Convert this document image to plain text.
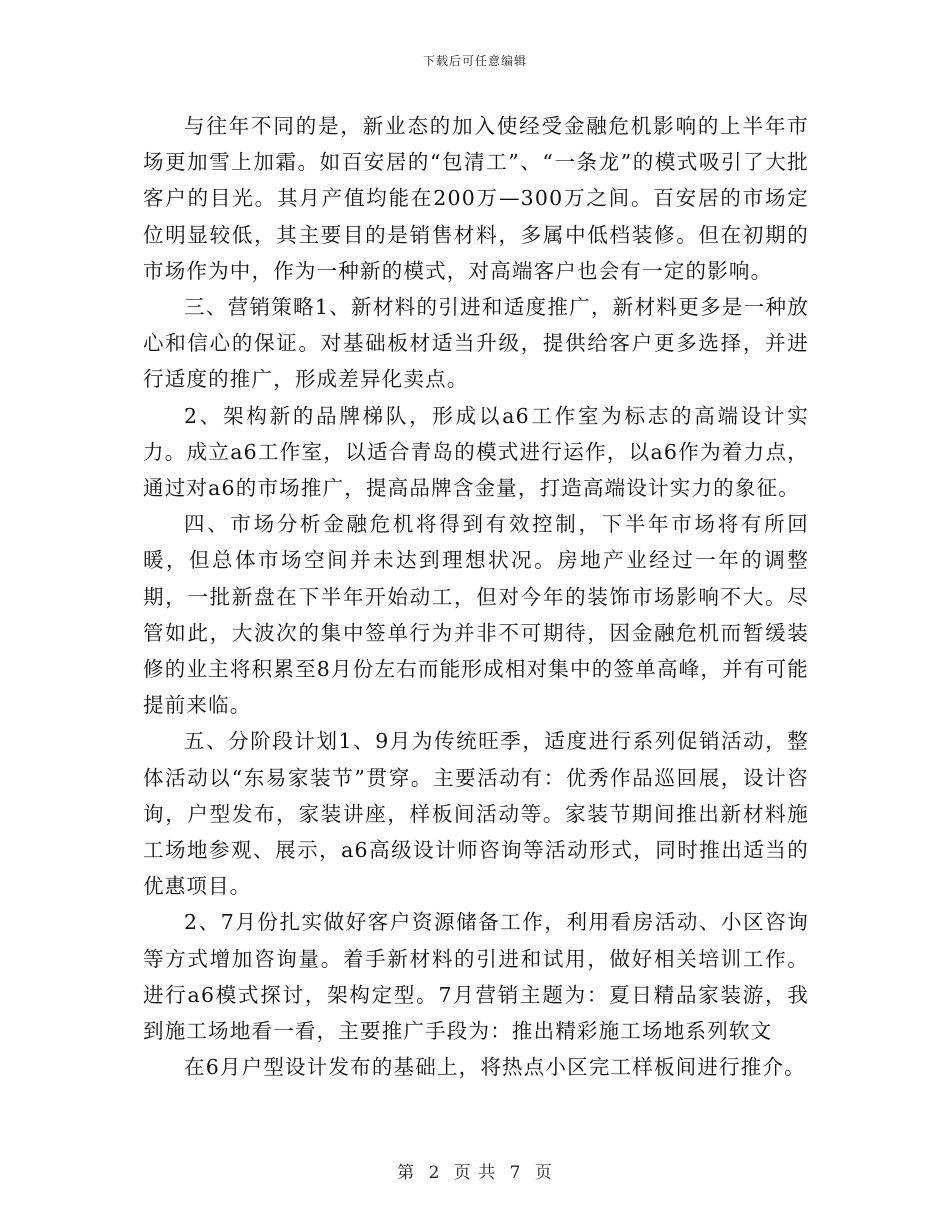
下载后可任意编辑

与往年不同的是，新业态的加入使经受金融危机影响的上半年市场更加雪上加霜。如百安居的“包清工”、“一条龙”的模式吸引了大批客户的目光。其月产值均能在200万—300万之间。百安居的市场定位明显较低，其主要目的是销售材料，多属中低档装修。但在初期的市场作为中，作为一种新的模式，对高端客户也会有一定的影响。

三、营销策略1、新材料的引进和适度推广，新材料更多是一种放心和信心的保证。对基础板材适当升级，提供给客户更多选择，并进行适度的推广，形成差异化卖点。

2、架构新的品牌梯队，形成以a6工作室为标志的高端设计实力。成立a6工作室，以适合青岛的模式进行运作，以a6作为着力点，通过对a6的市场推广，提高品牌含金量，打造高端设计实力的象征。

四、市场分析金融危机将得到有效控制，下半年市场将有所回暖，但总体市场空间并未达到理想状况。房地产业经过一年的调整期，一批新盘在下半年开始动工，但对今年的装饰市场影响不大。尽管如此，大波次的集中签单行为并非不可期待，因金融危机而暂缓装修的业主将积累至8月份左右而能形成相对集中的签单高峰，并有可能提前来临。

五、分阶段计划1、9月为传统旺季，适度进行系列促销活动，整体活动以“东易家装节”贯穿。主要活动有：优秀作品巡回展，设计咨询，户型发布，家装讲座，样板间活动等。家装节期间推出新材料施工场地参观、展示，a6高级设计师咨询等活动形式，同时推出适当的优惠项目。

2、7月份扎实做好客户资源储备工作，利用看房活动、小区咨询等方式增加咨询量。着手新材料的引进和试用，做好相关培训工作。进行a6模式探讨，架构定型。7月营销主题为：夏日精品家装游，我到施工场地看一看，主要推广手段为：推出精彩施工场地系列软文

在6月户型设计发布的基础上，将热点小区完工样板间进行推介。

第 2 页 共 7 页
